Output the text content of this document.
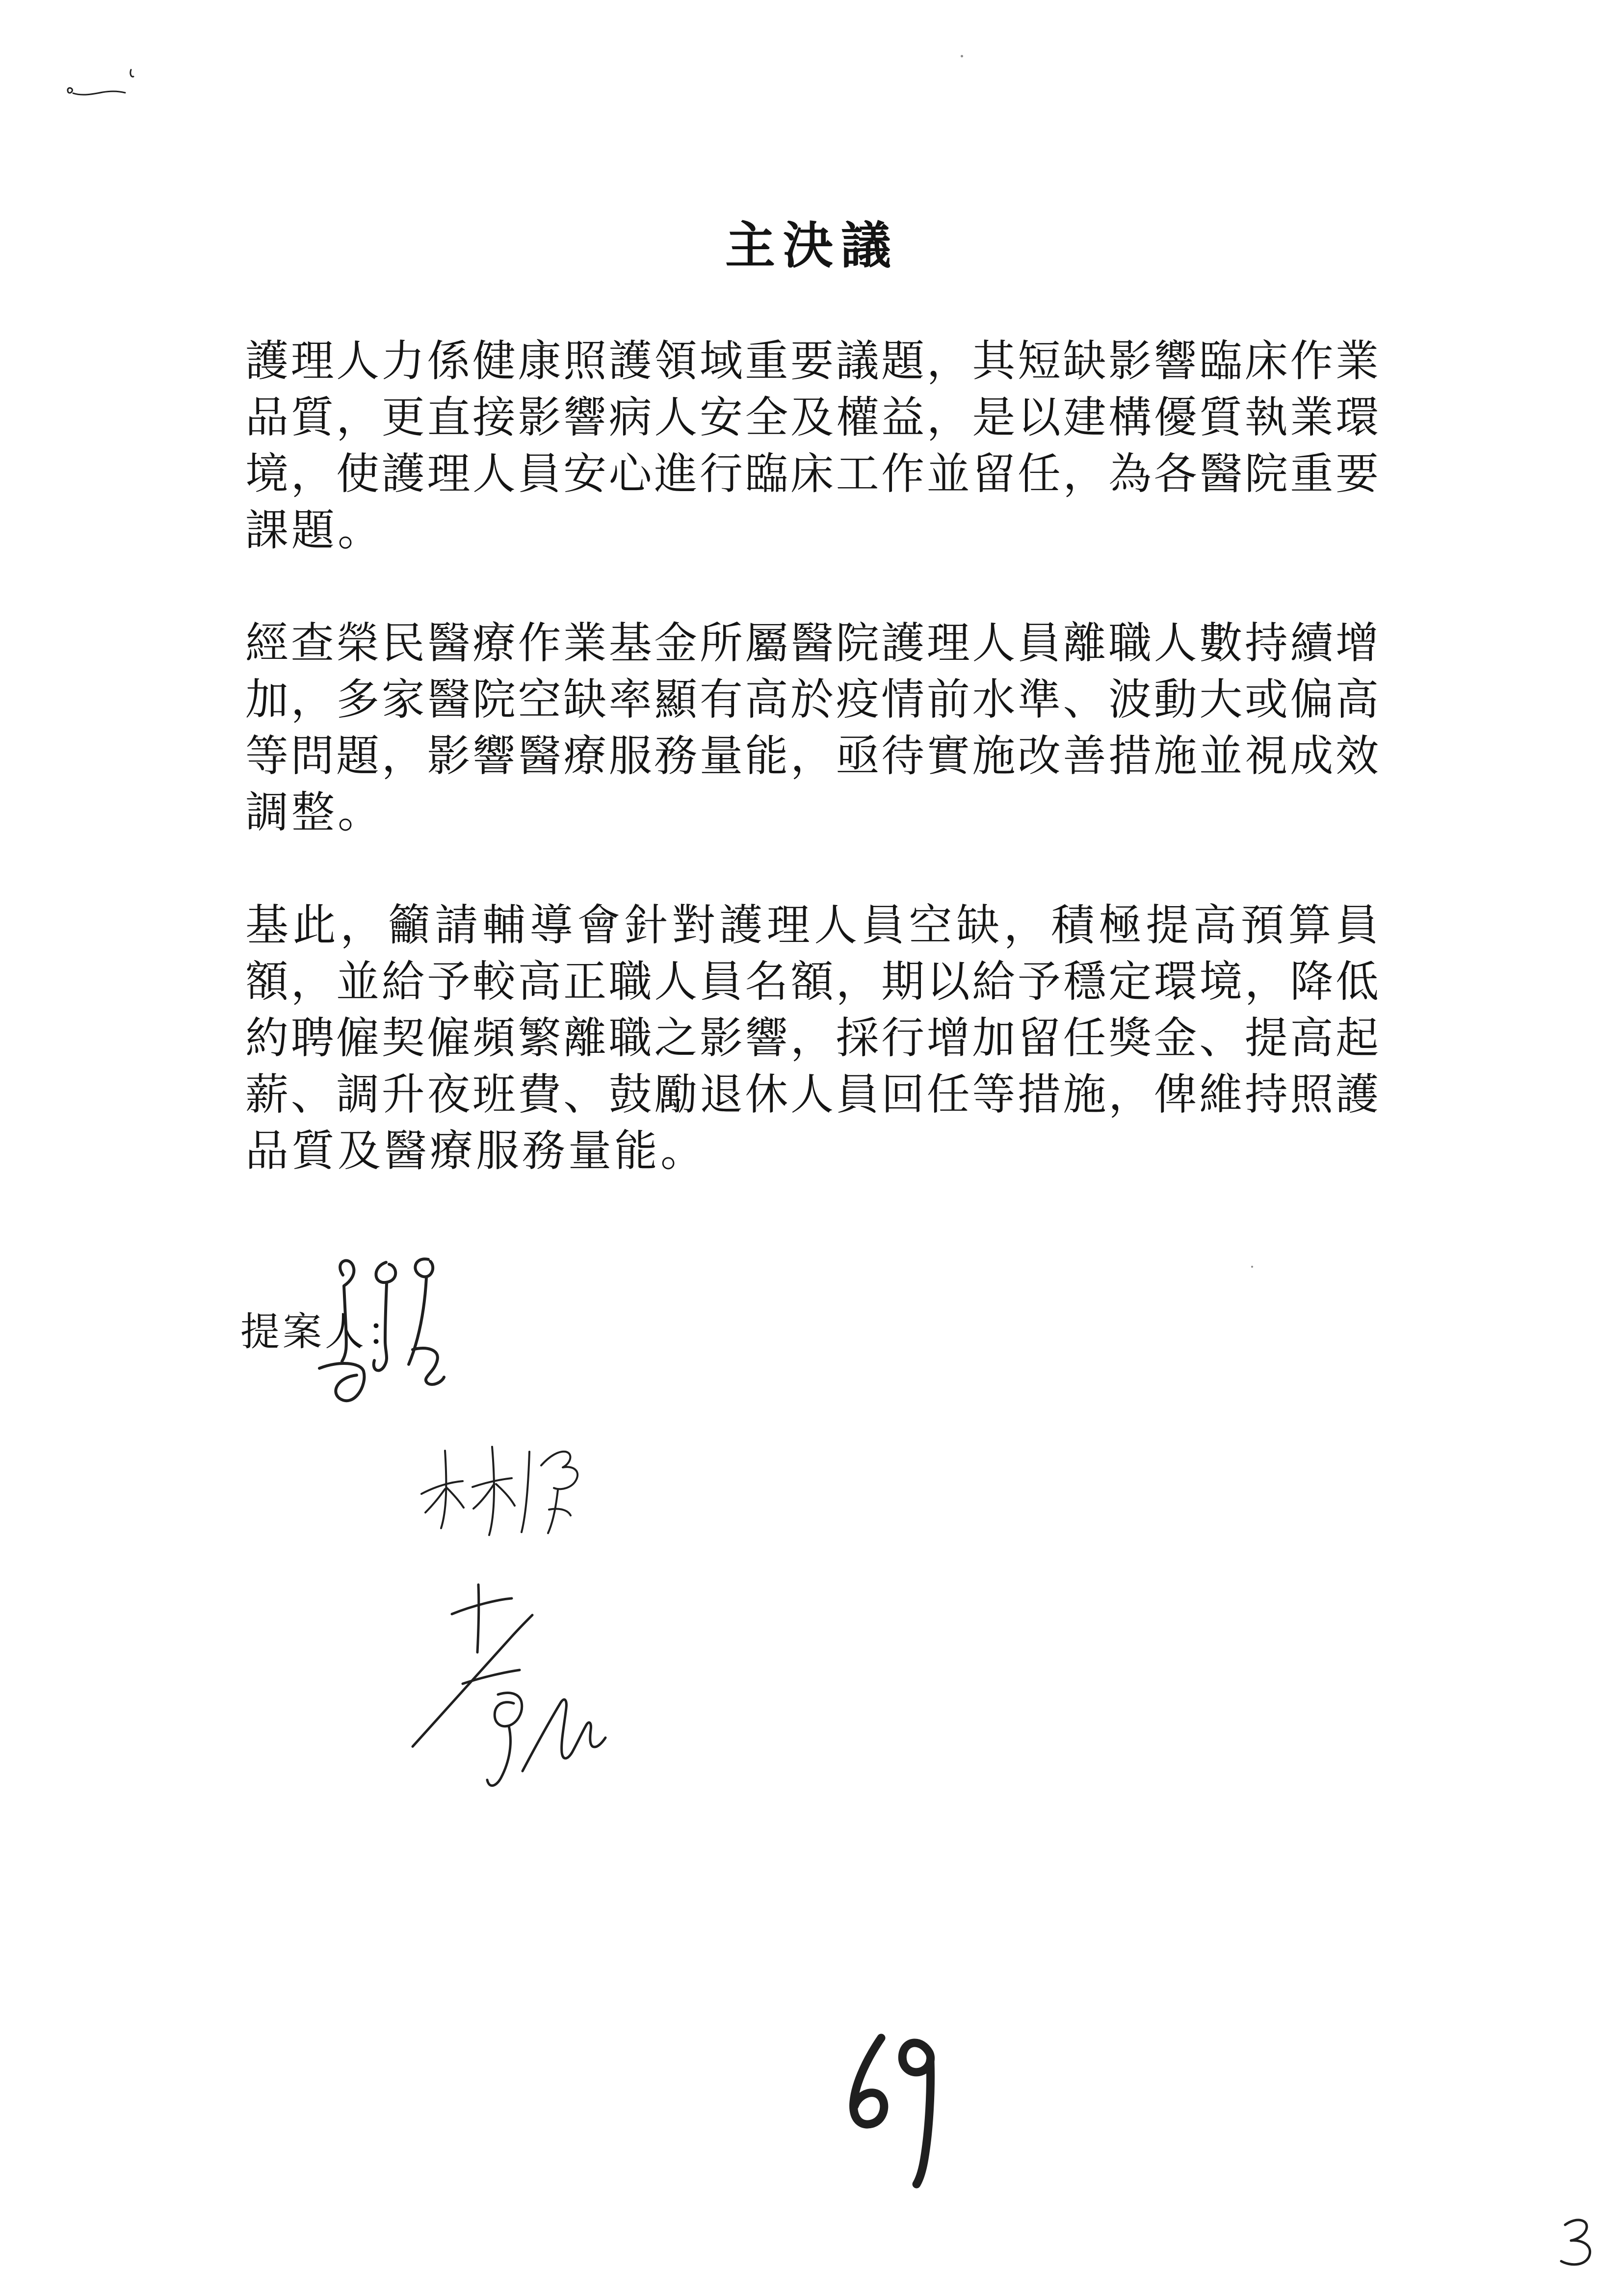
主決議
護理人力係健康照護領域重要議題，其短缺影響臨床作業
品質，更直接影響病人安全及權益，是以建構優質執業環
境，使護理人員安心進行臨床工作並留任，為各醫院重要
課題。
經查榮民醫療作業基金所屬醫院護理人員離職人數持續增
加，多家醫院空缺率顯有高於疫情前水準、波動大或偏高
等問題，影響醫療服務量能，亟待實施改善措施並視成效
調整。
基此，籲請輔導會針對護理人員空缺，積極提高預算員
額，並給予較高正職人員名額，期以給予穩定環境，降低
約聘僱契僱頻繁離職之影響，採行增加留任獎金、提高起
薪、調升夜班費、鼓勵退休人員回任等措施，俾維持照護
品質及醫療服務量能。
提案人：
